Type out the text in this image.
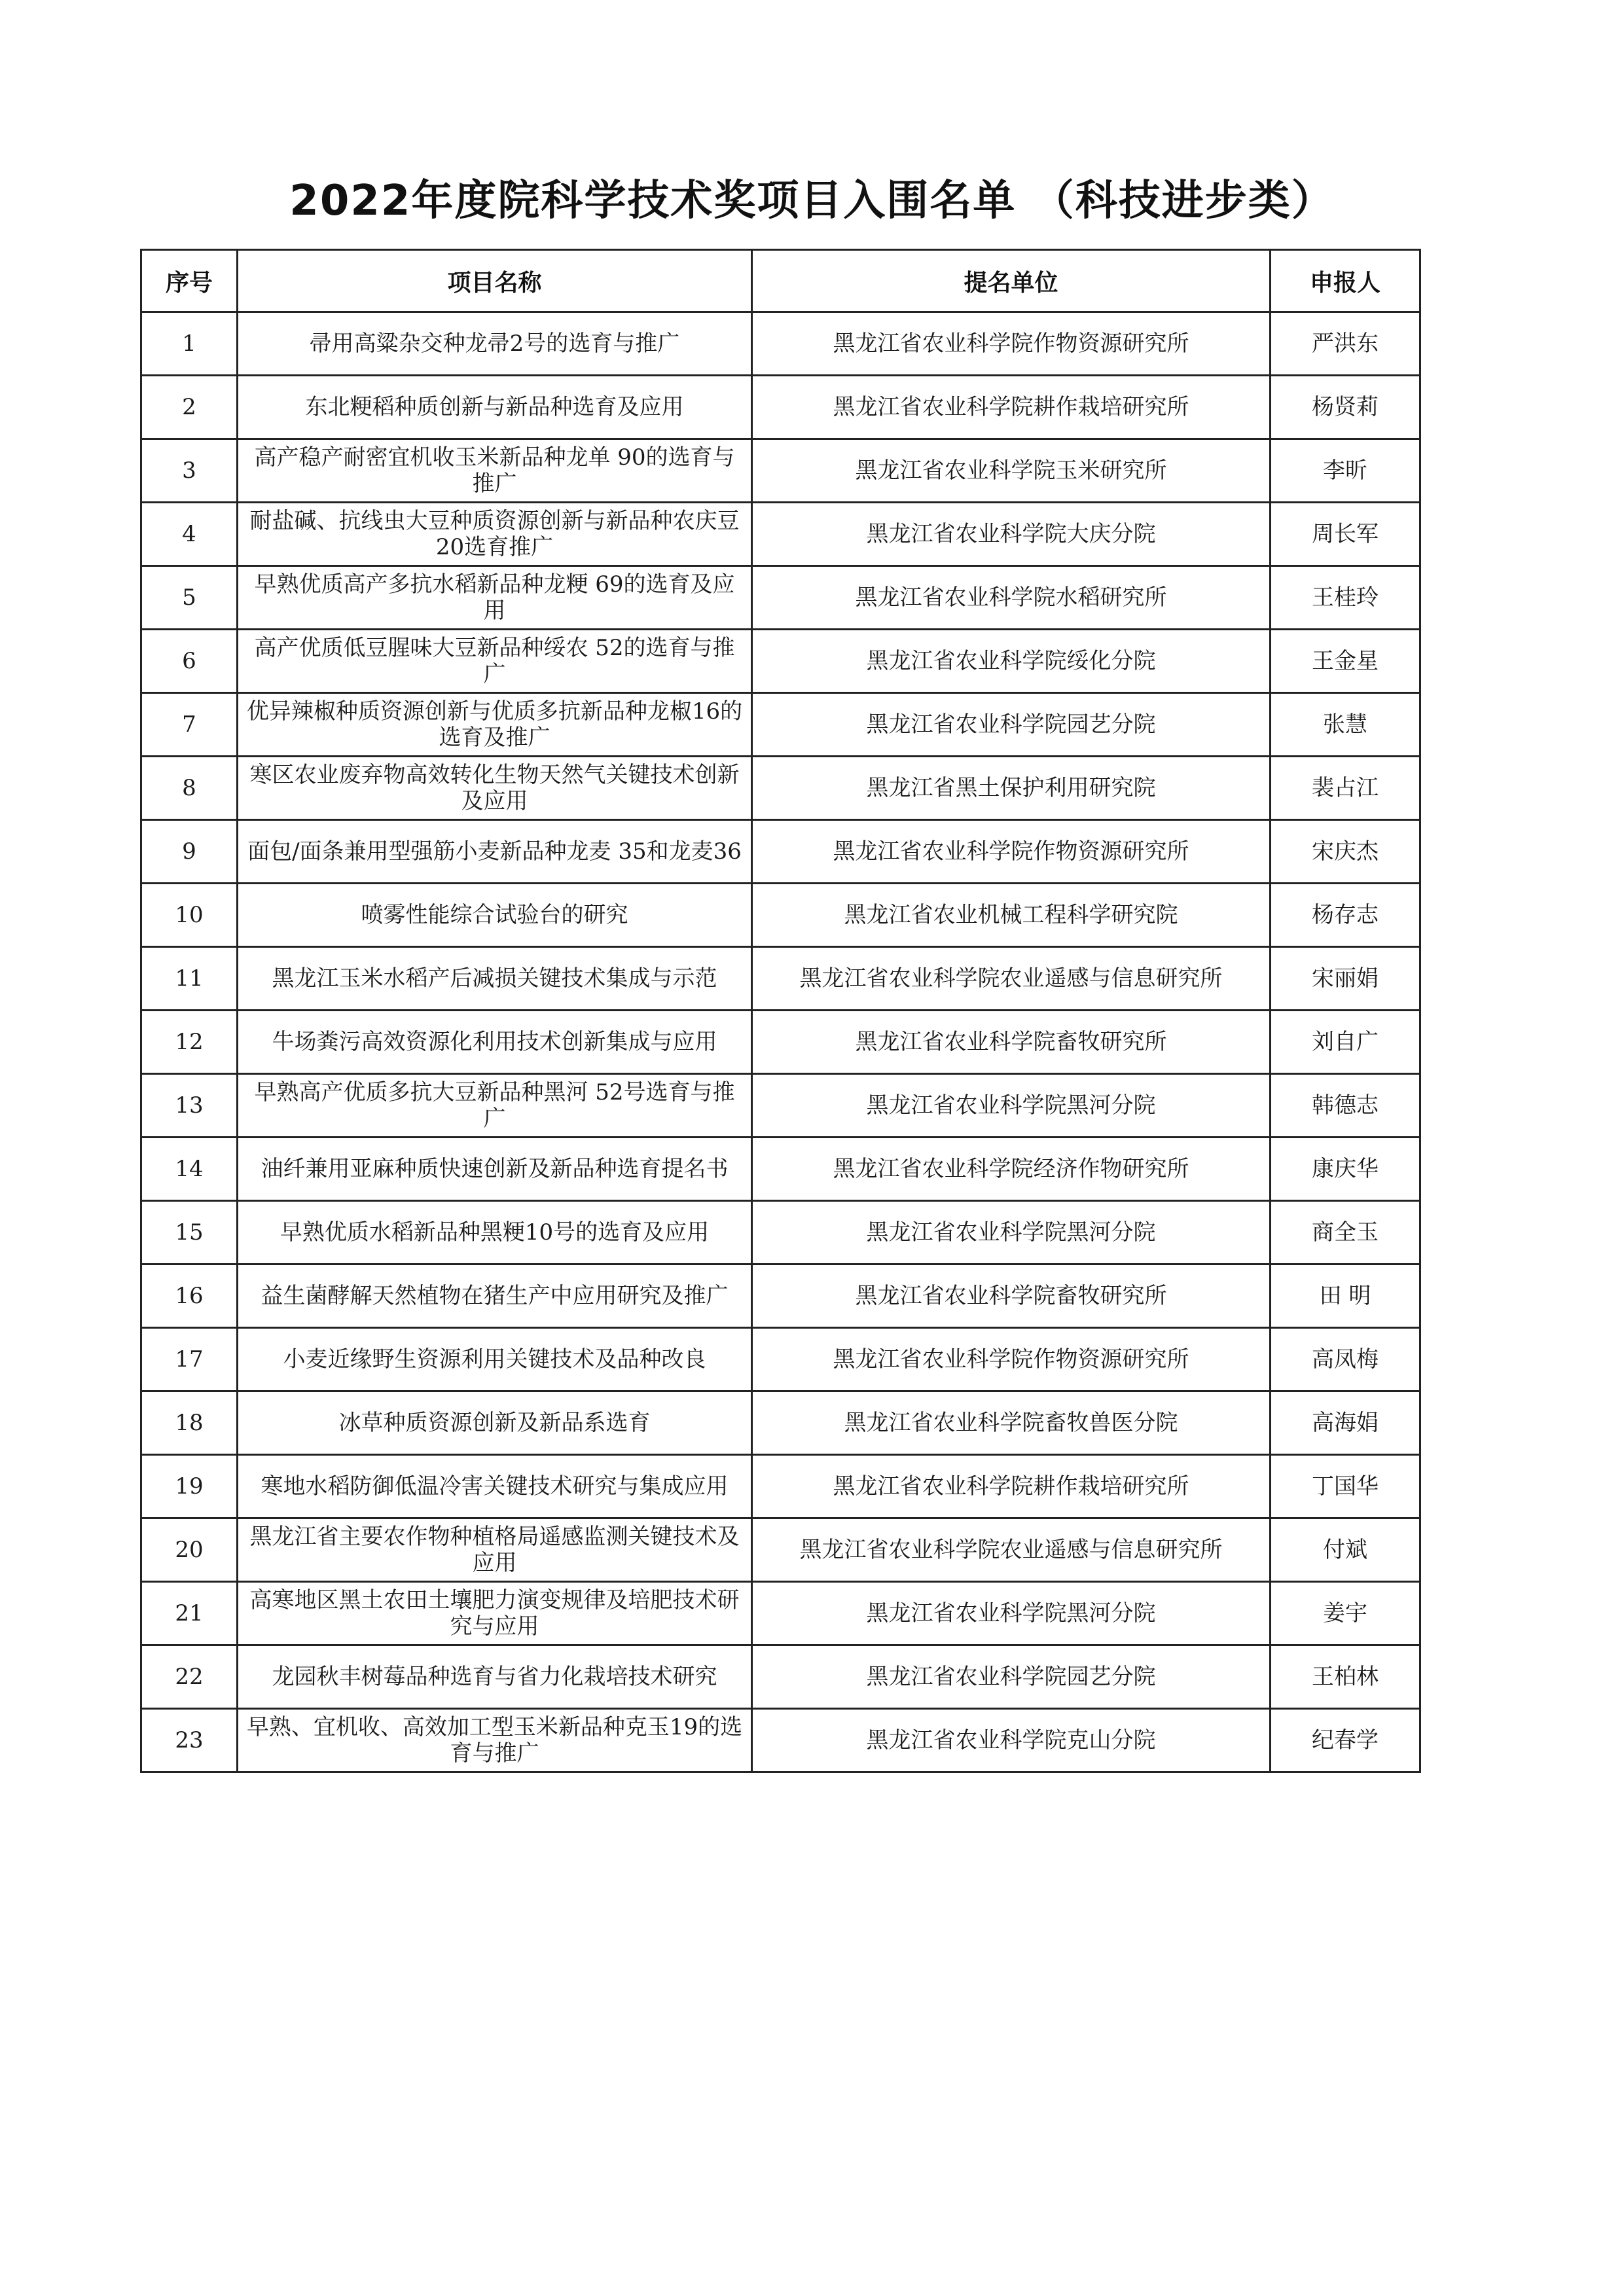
2022年度院科学技术奖项目入围名单 （科技进步类）
序号	项目名称	提名单位	申报人
1	帚用高粱杂交种龙帚2号的选育与推广	黑龙江省农业科学院作物资源研究所	严洪东
2	东北粳稻种质创新与新品种选育及应用	黑龙江省农业科学院耕作栽培研究所	杨贤莉
3	高产稳产耐密宜机收玉米新品种龙单 90的选育与推广	黑龙江省农业科学院玉米研究所	李昕
4	耐盐碱、抗线虫大豆种质资源创新与新品种农庆豆20选育推广	黑龙江省农业科学院大庆分院	周长军
5	早熟优质高产多抗水稻新品种龙粳 69的选育及应用	黑龙江省农业科学院水稻研究所	王桂玲
6	高产优质低豆腥味大豆新品种绥农 52的选育与推广	黑龙江省农业科学院绥化分院	王金星
7	优异辣椒种质资源创新与优质多抗新品种龙椒16的选育及推广	黑龙江省农业科学院园艺分院	张慧
8	寒区农业废弃物高效转化生物天然气关键技术创新及应用	黑龙江省黑土保护利用研究院	裴占江
9	面包/面条兼用型强筋小麦新品种龙麦 35和龙麦36	黑龙江省农业科学院作物资源研究所	宋庆杰
10	喷雾性能综合试验台的研究	黑龙江省农业机械工程科学研究院	杨存志
11	黑龙江玉米水稻产后减损关键技术集成与示范	黑龙江省农业科学院农业遥感与信息研究所	宋丽娟
12	牛场粪污高效资源化利用技术创新集成与应用	黑龙江省农业科学院畜牧研究所	刘自广
13	早熟高产优质多抗大豆新品种黑河 52号选育与推广	黑龙江省农业科学院黑河分院	韩德志
14	油纤兼用亚麻种质快速创新及新品种选育提名书	黑龙江省农业科学院经济作物研究所	康庆华
15	早熟优质水稻新品种黑粳10号的选育及应用	黑龙江省农业科学院黑河分院	商全玉
16	益生菌酵解天然植物在猪生产中应用研究及推广	黑龙江省农业科学院畜牧研究所	田 明
17	小麦近缘野生资源利用关键技术及品种改良	黑龙江省农业科学院作物资源研究所	高凤梅
18	冰草种质资源创新及新品系选育	黑龙江省农业科学院畜牧兽医分院	高海娟
19	寒地水稻防御低温冷害关键技术研究与集成应用	黑龙江省农业科学院耕作栽培研究所	丁国华
20	黑龙江省主要农作物种植格局遥感监测关键技术及应用	黑龙江省农业科学院农业遥感与信息研究所	付斌
21	高寒地区黑土农田土壤肥力演变规律及培肥技术研究与应用	黑龙江省农业科学院黑河分院	姜宇
22	龙园秋丰树莓品种选育与省力化栽培技术研究	黑龙江省农业科学院园艺分院	王柏林
23	早熟、宜机收、高效加工型玉米新品种克玉19的选育与推广	黑龙江省农业科学院克山分院	纪春学
